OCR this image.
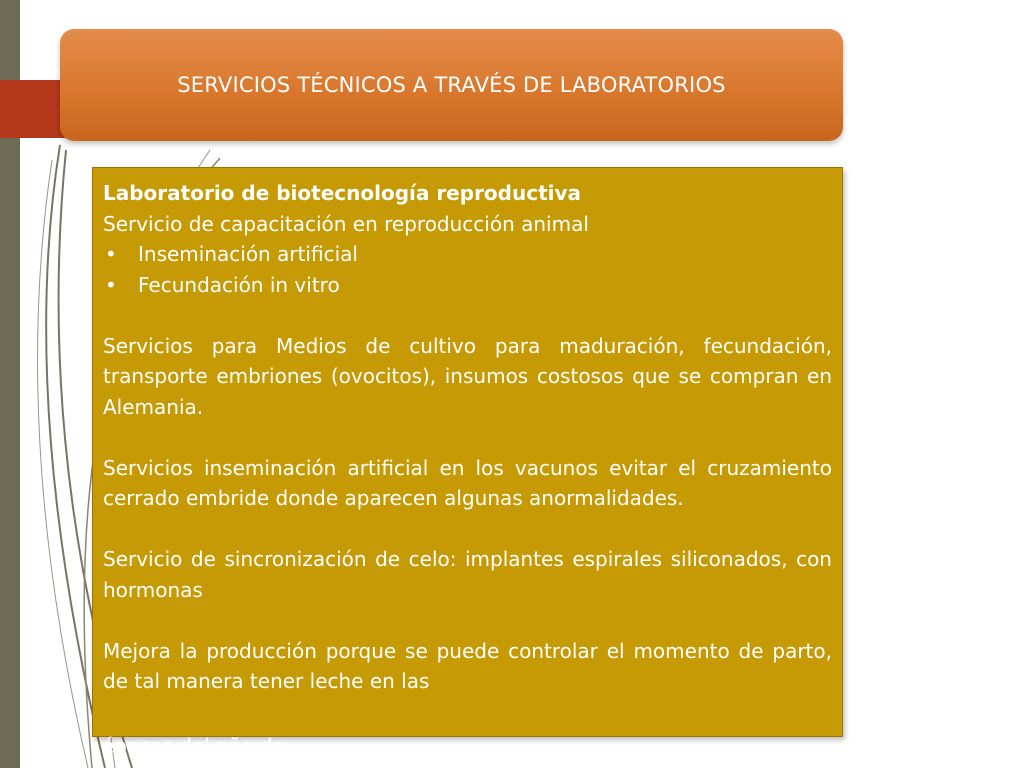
SERVICIOS TÉCNICOS A TRAVÉS DE LABORATORIOS

Laboratorio de biotecnología reproductiva

Servicio de capacitación en reproducción animal

•	Inseminación artificial

•	Fecundación in vitro

Servicios para Medios de cultivo para maduración, fecundación, transporte embriones (ovocitos), insumos costosos que se compran en Alemania.

Servicios inseminación artificial en los vacunos evitar el cruzamiento cerrado embride donde aparecen algunas anormalidades.

Servicio de sincronización de celo: implantes espirales siliconados, con hormonas

Mejora la producción porque se puede controlar el momento de parto, de tal manera tener leche en las

épocas del año de
